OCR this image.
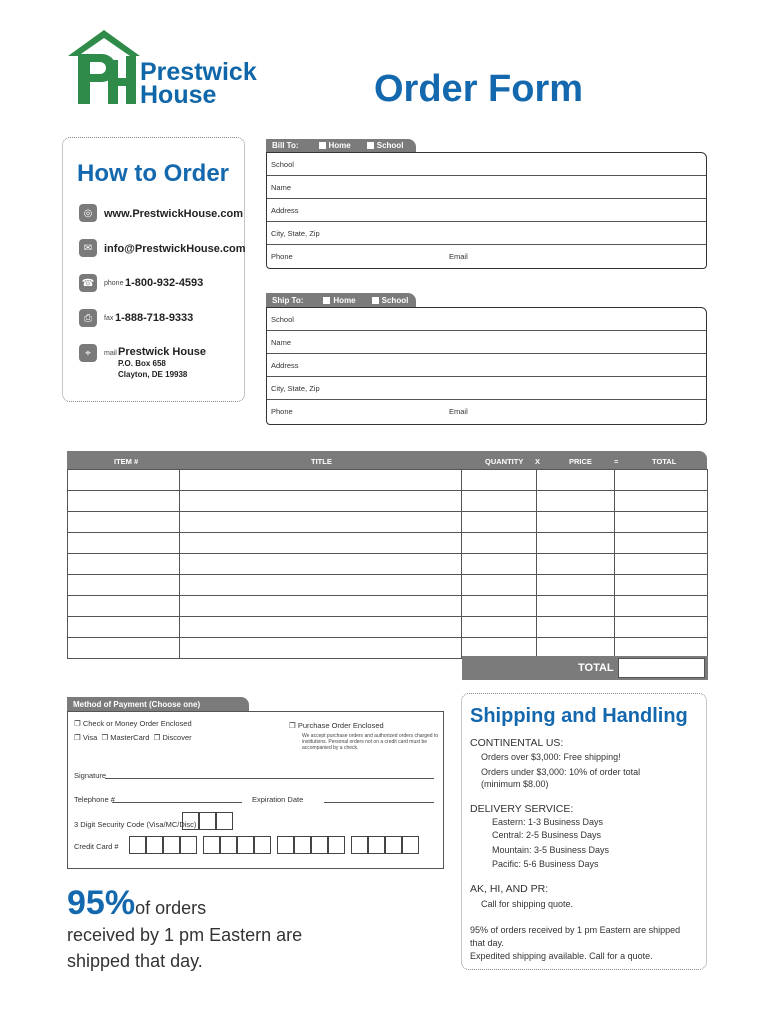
Prestwick
House	Order Form
How to Order
◎	www.PrestwickHouse.com
✉	info@PrestwickHouse.com
☎	phone 1-800-932-4593
⎙	fax 1-888-718-9333
⌖	mail Prestwick House
P.O. Box 658
Clayton, DE 19938
Bill To:	Home	School
School
Name
Address
City, State, Zip
Phone	Email
Ship To:	Home	School
School
Name
Address
City, State, Zip
Phone	Email
ITEM #	TITLE	QUANTITY X	PRICE	=	TOTAL

TOTAL
Method of Payment (Choose one)
❐ Check or Money Order Enclosed
❐ Visa  ❐ MasterCard  ❐ Discover
❐ Purchase Order Enclosed
We accept purchase orders and authorized orders charged to institutions. Personal orders not on a credit card must be accompanied by a check.
Signature
Telephone #	Expiration Date
3 Digit Security Code (Visa/MC/Disc)
Credit Card #
95%of orders
received by 1 pm Eastern are
shipped that day.
Shipping and Handling
CONTINENTAL US:
Orders over $3,000: Free shipping!
Orders under $3,000: 10% of order total
(minimum $8.00)
DELIVERY SERVICE:
Eastern: 1-3 Business Days
Central: 2-5 Business Days
Mountain: 3-5 Business Days
Pacific: 5-6 Business Days
AK, HI, AND PR:
Call for shipping quote.
95% of orders received by 1 pm Eastern are shipped
that day.
Expedited shipping available. Call for a quote.
